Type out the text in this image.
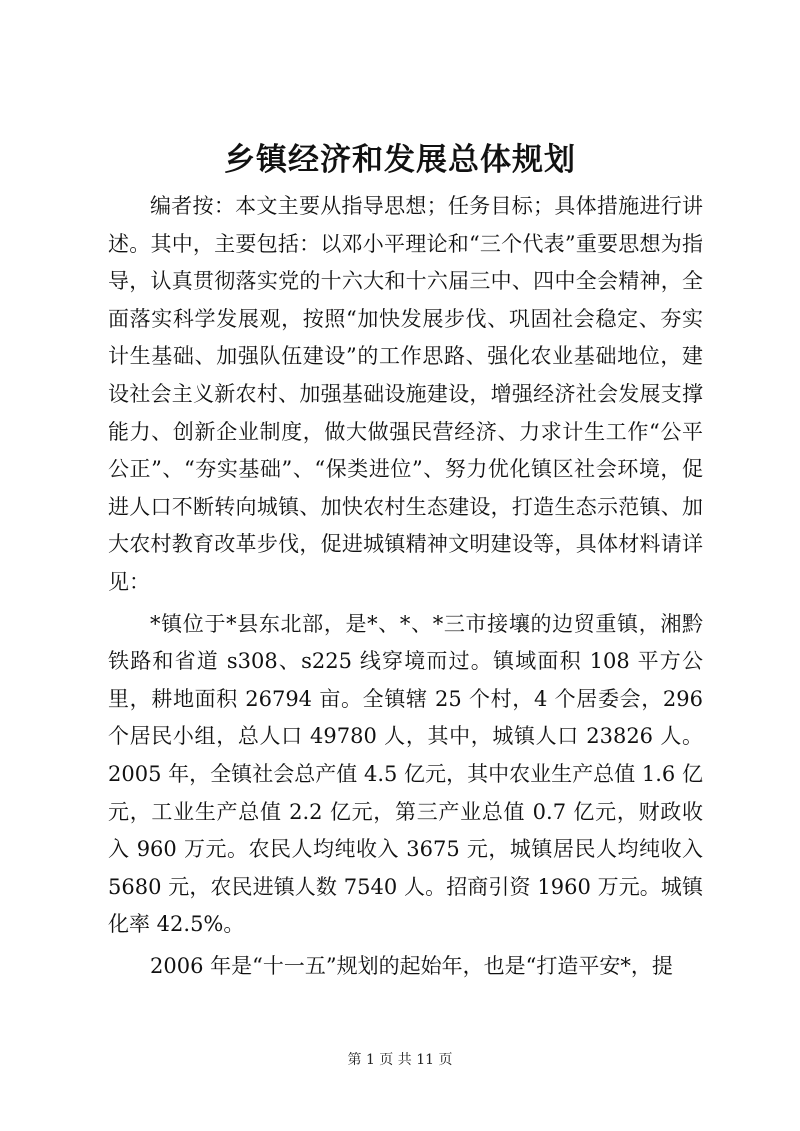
乡镇经济和发展总体规划

编者按：本文主要从指导思想；任务目标；具体措施进行讲述。其中，主要包括：以邓小平理论和“三个代表”重要思想为指导，认真贯彻落实党的十六大和十六届三中、四中全会精神，全面落实科学发展观，按照“加快发展步伐、巩固社会稳定、夯实计生基础、加强队伍建设”的工作思路、强化农业基础地位，建设社会主义新农村、加强基础设施建设，增强经济社会发展支撑能力、创新企业制度，做大做强民营经济、力求计生工作“公平公正”、“夯实基础”、“保类进位”、努力优化镇区社会环境，促进人口不断转向城镇、加快农村生态建设，打造生态示范镇、加大农村教育改革步伐，促进城镇精神文明建设等，具体材料请详见：

*镇位于*县东北部，是*、*、*三市接壤的边贸重镇，湘黔铁路和省道 s308、s225 线穿境而过。镇域面积 108 平方公里，耕地面积 26794 亩。全镇辖 25 个村，4 个居委会，296 个居民小组，总人口 49780 人，其中，城镇人口 23826 人。2005 年，全镇社会总产值 4.5 亿元，其中农业生产总值 1.6 亿元，工业生产总值 2.2 亿元，第三产业总值 0.7 亿元，财政收入 960 万元。农民人均纯收入 3675 元，城镇居民人均纯收入 5680 元，农民进镇人数 7540 人。招商引资 1960 万元。城镇化率 42.5%。

2006 年是“十一五”规划的起始年，也是“打造平安*，提

第 1 页 共 11 页
